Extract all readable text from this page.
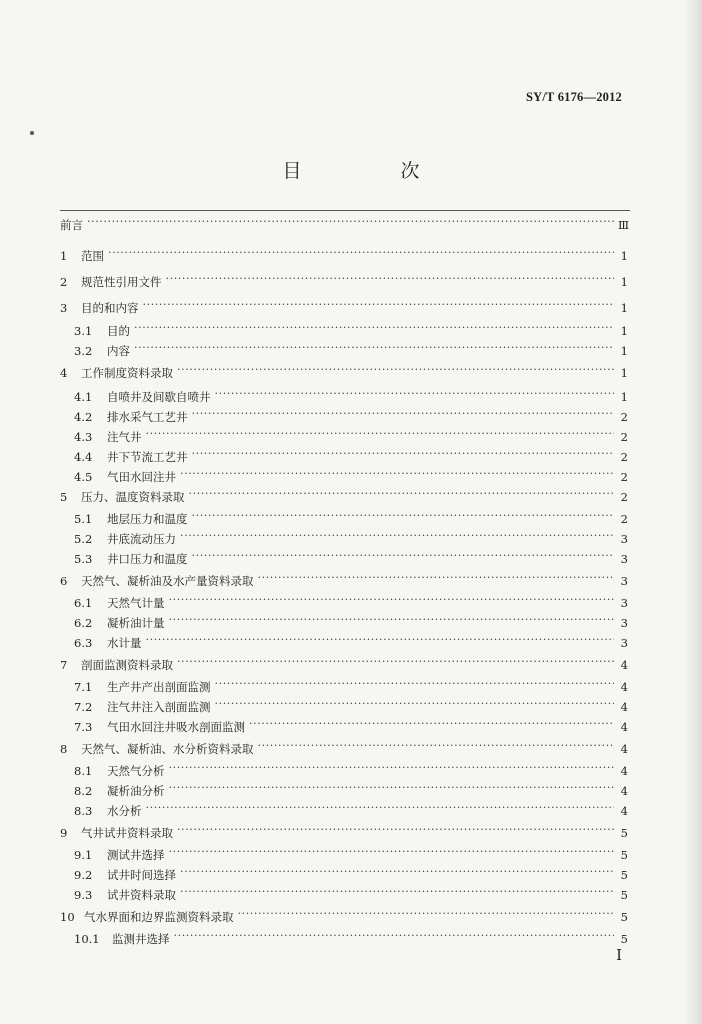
SY/T 6176—2012
目　次
前言 ·····	Ⅲ
1	范围 ·····	1
2	规范性引用文件 ·····	1
3	目的和内容 ·····	1
3.1	目的 ·····	1
3.2	内容 ·····	1
4	工作制度资料录取 ·····	1
4.1	自喷井及间歇自喷井 ·····	1
4.2	排水采气工艺井 ·····	2
4.3	注气井 ·····	2
4.4	井下节流工艺井 ·····	2
4.5	气田水回注井 ·····	2
5	压力、温度资料录取 ·····	2
5.1	地层压力和温度 ·····	2
5.2	井底流动压力 ·····	3
5.3	井口压力和温度 ·····	3
6	天然气、凝析油及水产量资料录取 ·····	3
6.1	天然气计量 ·····	3
6.2	凝析油计量 ·····	3
6.3	水计量 ·····	3
7	剖面监测资料录取 ·····	4
7.1	生产井产出剖面监测 ·····	4
7.2	注气井注入剖面监测 ·····	4
7.3	气田水回注井吸水剖面监测 ·····	4
8	天然气、凝析油、水分析资料录取 ·····	4
8.1	天然气分析 ·····	4
8.2	凝析油分析 ·····	4
8.3	水分析 ·····	4
9	气井试井资料录取 ·····	5
9.1	测试井选择 ·····	5
9.2	试井时间选择 ·····	5
9.3	试井资料录取 ·····	5
10 气水界面和边界监测资料录取 ·····	5
10.1	监测井选择 ·····	5
Ⅰ
